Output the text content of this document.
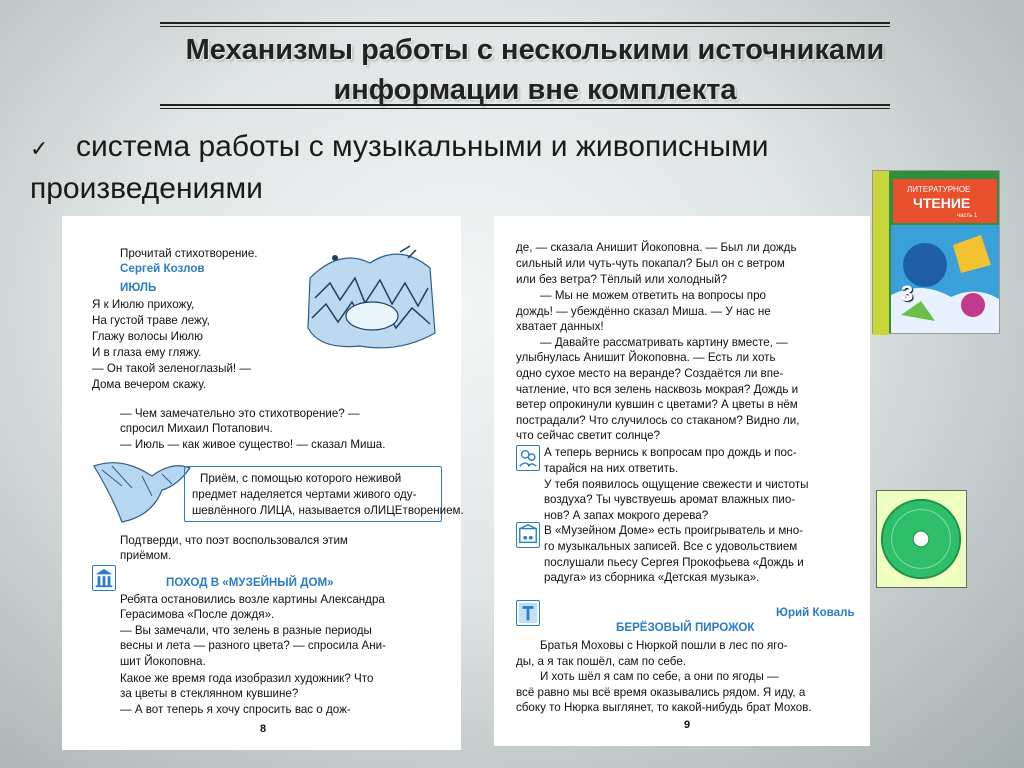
Механизмы работы с несколькими источниками
информации вне комплекта
✓ система работы с музыкальными и живописными
произведениями
Прочитай стихотворение.
Сергей Козлов
ИЮЛЬ
Я к Июлю прихожу,
На густой траве лежу,
Глажу волосы Июлю
И в глаза ему гляжу.
— Он такой зеленоглазый! —
Дома вечером скажу.
— Чем замечательно это стихотворение? —
спросил Михаил Потапович.
— Июль — как живое существо! — сказал Миша.
Приём, с помощью которого неживой
предмет наделяется чертами живого оду-
шевлённого ЛИЦА, называется оЛИЦЕтворением.
Подтверди, что поэт воспользовался этим
приёмом.
ПОХОД В «МУЗЕЙНЫЙ ДОМ»
Ребята остановились возле картины Александра
Герасимова «После дождя».
— Вы замечали, что зелень в разные периоды
весны и лета — разного цвета? — спросила Ани-
шит Йокоповна.
Какое же время года изобразил художник? Что
за цветы в стеклянном кувшине?
— А вот теперь я хочу спросить вас о дож-
8
де, — сказала Анишит Йокоповна. — Был ли дождь
сильный или чуть-чуть покапал? Был он с ветром
или без ветра? Тёплый или холодный?
— Мы не можем ответить на вопросы про
дождь! — убеждённо сказал Миша. — У нас не
хватает данных!
— Давайте рассматривать картину вместе, —
улыбнулась Анишит Йокоповна. — Есть ли хоть
одно сухое место на веранде? Создаётся ли впе-
чатление, что вся зелень насквозь мокрая? Дождь и
ветер опрокинули кувшин с цветами? А цветы в нём
пострадали? Что случилось со стаканом? Видно ли,
что сейчас светит солнце?
А теперь вернись к вопросам про дождь и пос-
тарайся на них ответить.
У тебя появилось ощущение свежести и чистоты
воздуха? Ты чувствуешь аромат влажных пио-
нов? А запах мокрого дерева?
В «Музейном Доме» есть проигрыватель и мно-
го музыкальных записей. Все с удовольствием
послушали пьесу Сергея Прокофьева «Дождь и
радуга» из сборника «Детская музыка».
Юрий Коваль
БЕРЁЗОВЫЙ ПИРОЖОК
Братья Моховы с Нюркой пошли в лес по яго-
ды, а я так пошёл, сам по себе.
И хоть шёл я сам по себе, а они по ягоды —
всё равно мы всё время оказывались рядом. Я иду, а
сбоку то Нюрка выглянет, то какой-нибудь брат Мохов.
9
ЛИТЕРАТУРНОЕ
ЧТЕНИЕ
часть 1
3
